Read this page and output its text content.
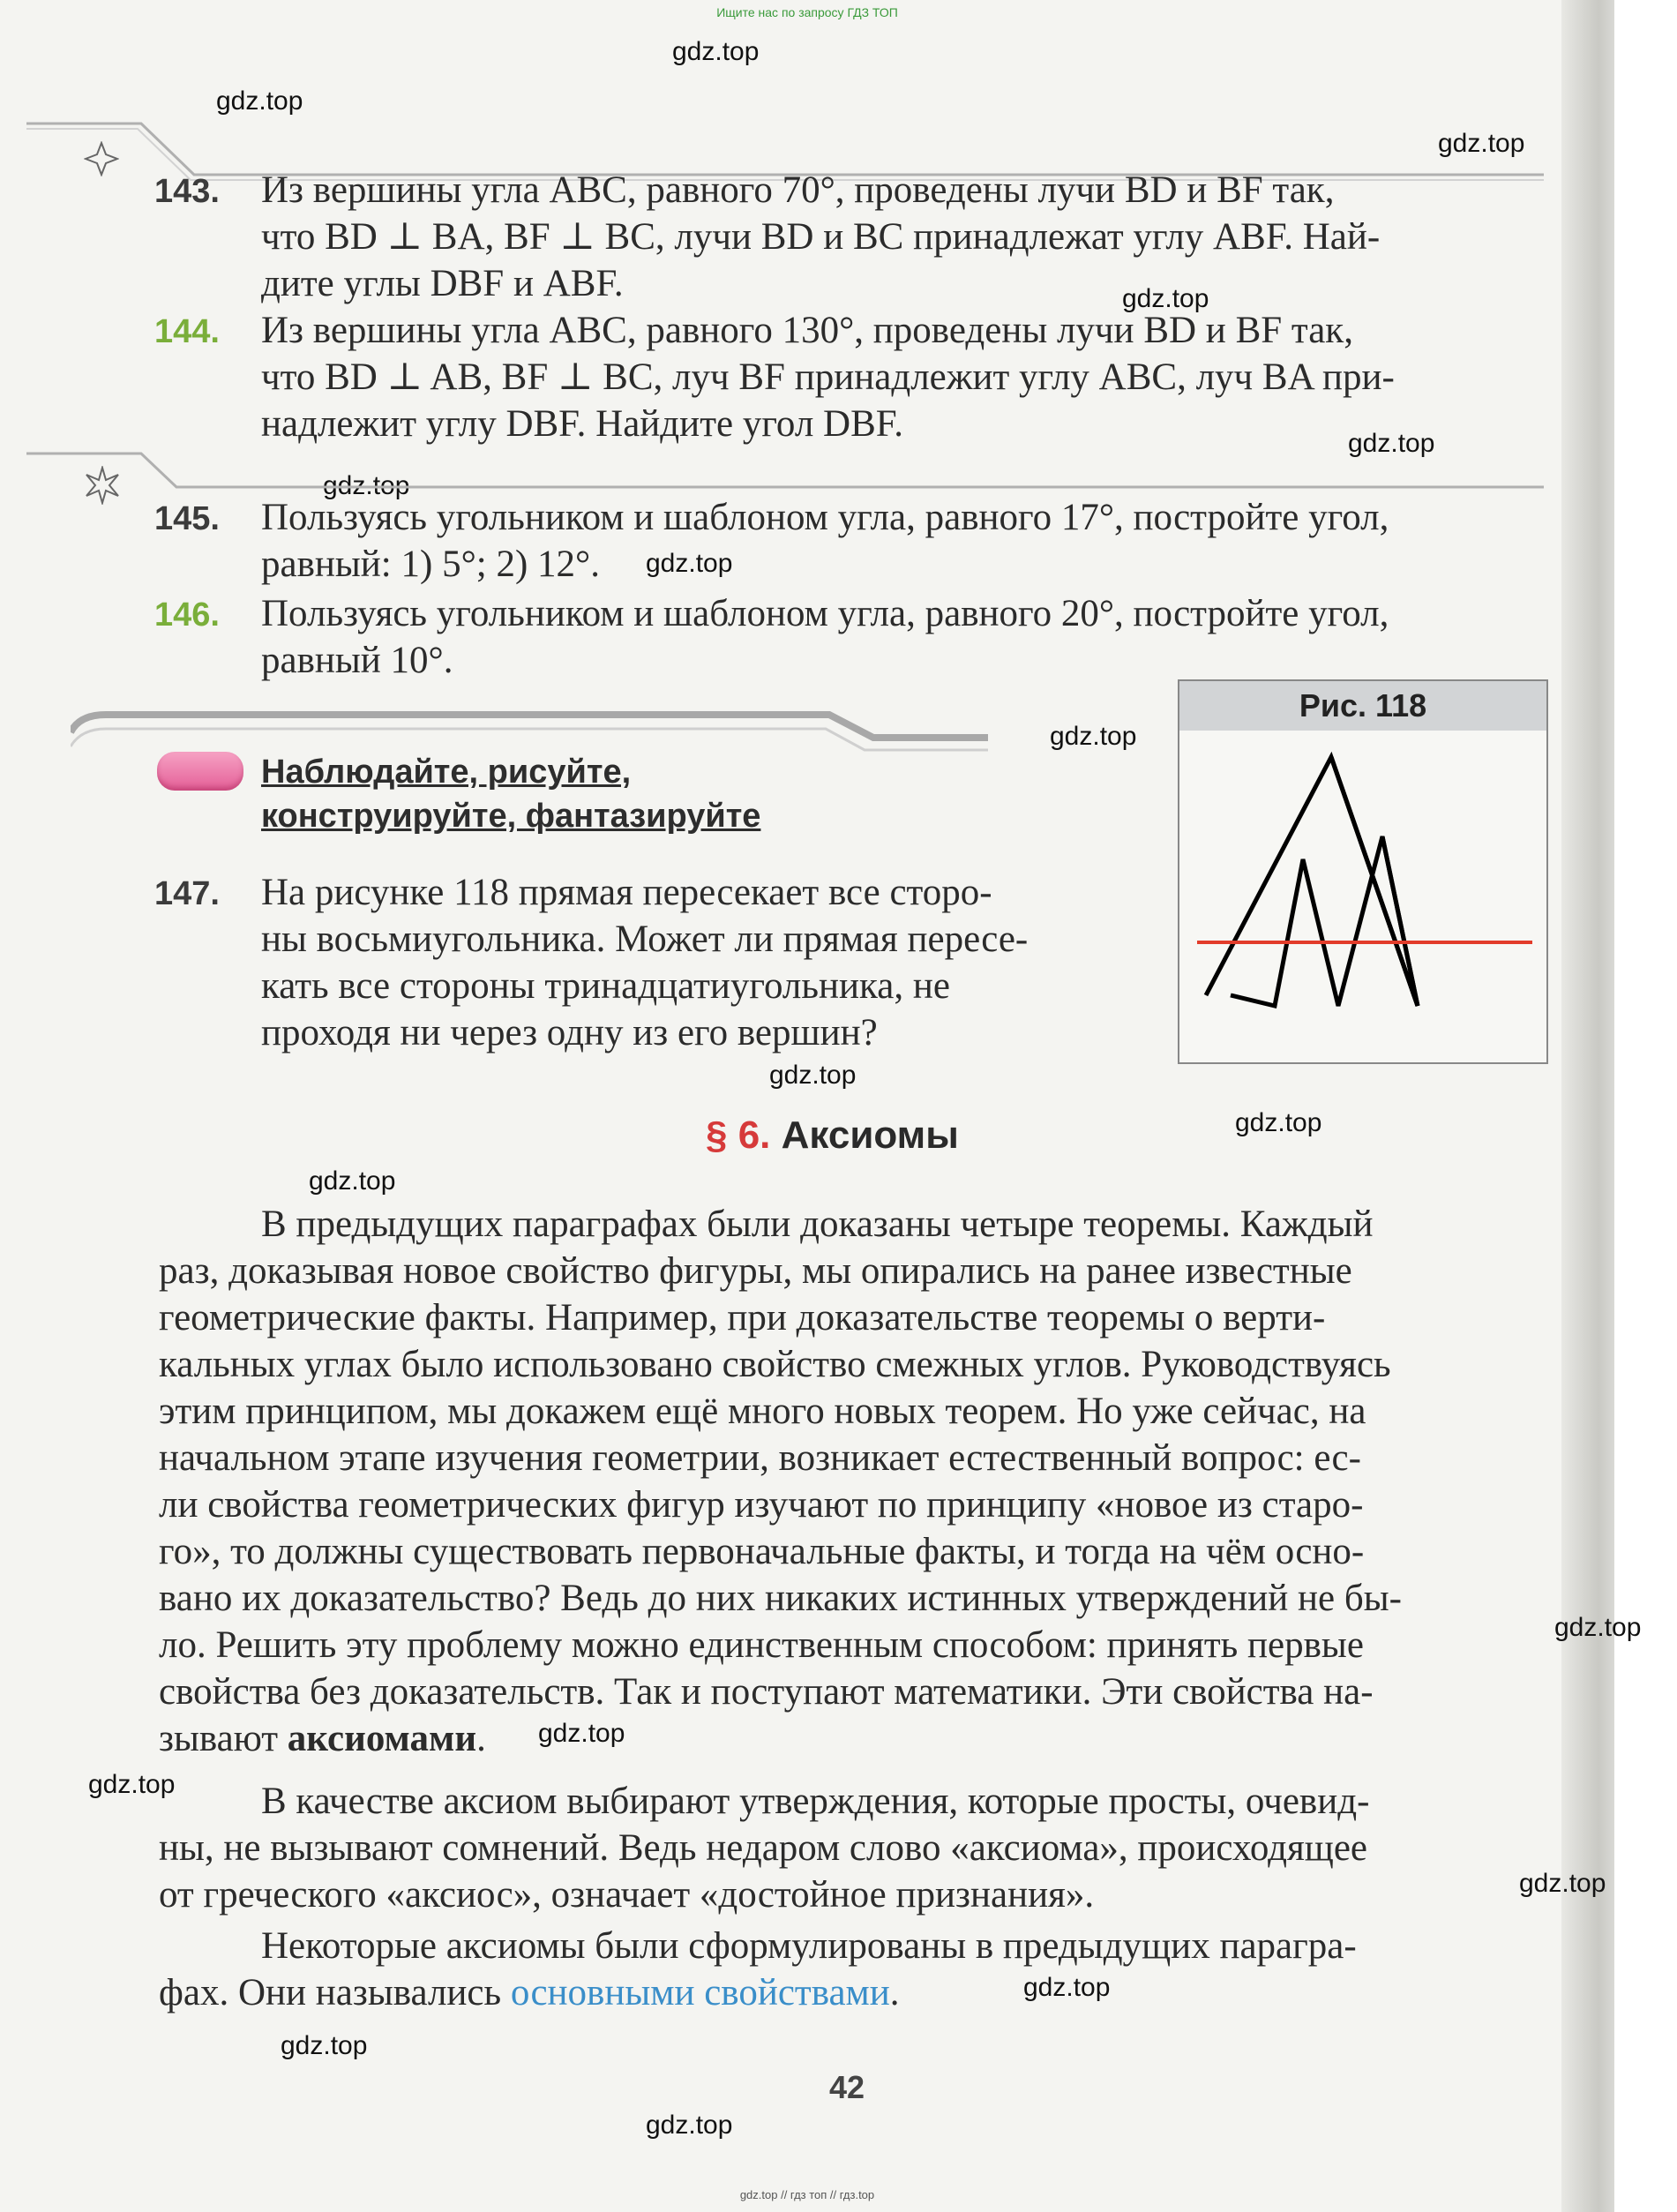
Ищите нас по запросу ГДЗ ТОП
gdz.top
gdz.top
gdz.top
gdz.top
gdz.top
gdz.top
gdz.top
gdz.top
gdz.top
gdz.top
gdz.top
gdz.top
gdz.top
gdz.top
gdz.top
gdz.top
gdz.top
gdz.top
143. Из вершины угла ABC, равного 70°, проведены лучи BD и BF так,
что BD ⊥ BA, BF ⊥ BC, лучи BD и BC принадлежат углу ABF. Най-
дите углы DBF и ABF.
144. Из вершины угла ABC, равного 130°, проведены лучи BD и BF так,
что BD ⊥ AB, BF ⊥ BC, луч BF принадлежит углу ABC, луч BA при-
надлежит углу DBF. Найдите угол DBF.
145. Пользуясь угольником и шаблоном угла, равного 17°, постройте угол,
равный: 1) 5°; 2) 12°.
146. Пользуясь угольником и шаблоном угла, равного 20°, постройте угол,
равный 10°.
Наблюдайте, рисуйте,
конструируйте, фантазируйте
Рис. 118
147. На рисунке 118 прямая пересекает все сторо-
ны восьмиугольника. Может ли прямая пересе-
кать все стороны тринадцатиугольника, не
проходя ни через одну из его вершин?
§ 6. Аксиомы
В предыдущих параграфах были доказаны четыре теоремы. Каждый
раз, доказывая новое свойство фигуры, мы опирались на ранее известные
геометрические факты. Например, при доказательстве теоремы о верти-
кальных углах было использовано свойство смежных углов. Руководствуясь
этим принципом, мы докажем ещё много новых теорем. Но уже сейчас, на
начальном этапе изучения геометрии, возникает естественный вопрос: ес-
ли свойства геометрических фигур изучают по принципу «новое из старо-
го», то должны существовать первоначальные факты, и тогда на чём осно-
вано их доказательство? Ведь до них никаких истинных утверждений не бы-
ло. Решить эту проблему можно единственным способом: принять первые
свойства без доказательств. Так и поступают математики. Эти свойства на-
зывают аксиомами.
В качестве аксиом выбирают утверждения, которые просты, очевид-
ны, не вызывают сомнений. Ведь недаром слово «аксиома», происходящее
от греческого «аксиос», означает «достойное признания».
Некоторые аксиомы были сформулированы в предыдущих парагра-
фах. Они назывались основными свойствами.
42
gdz.top // гдз топ // гдз.top
